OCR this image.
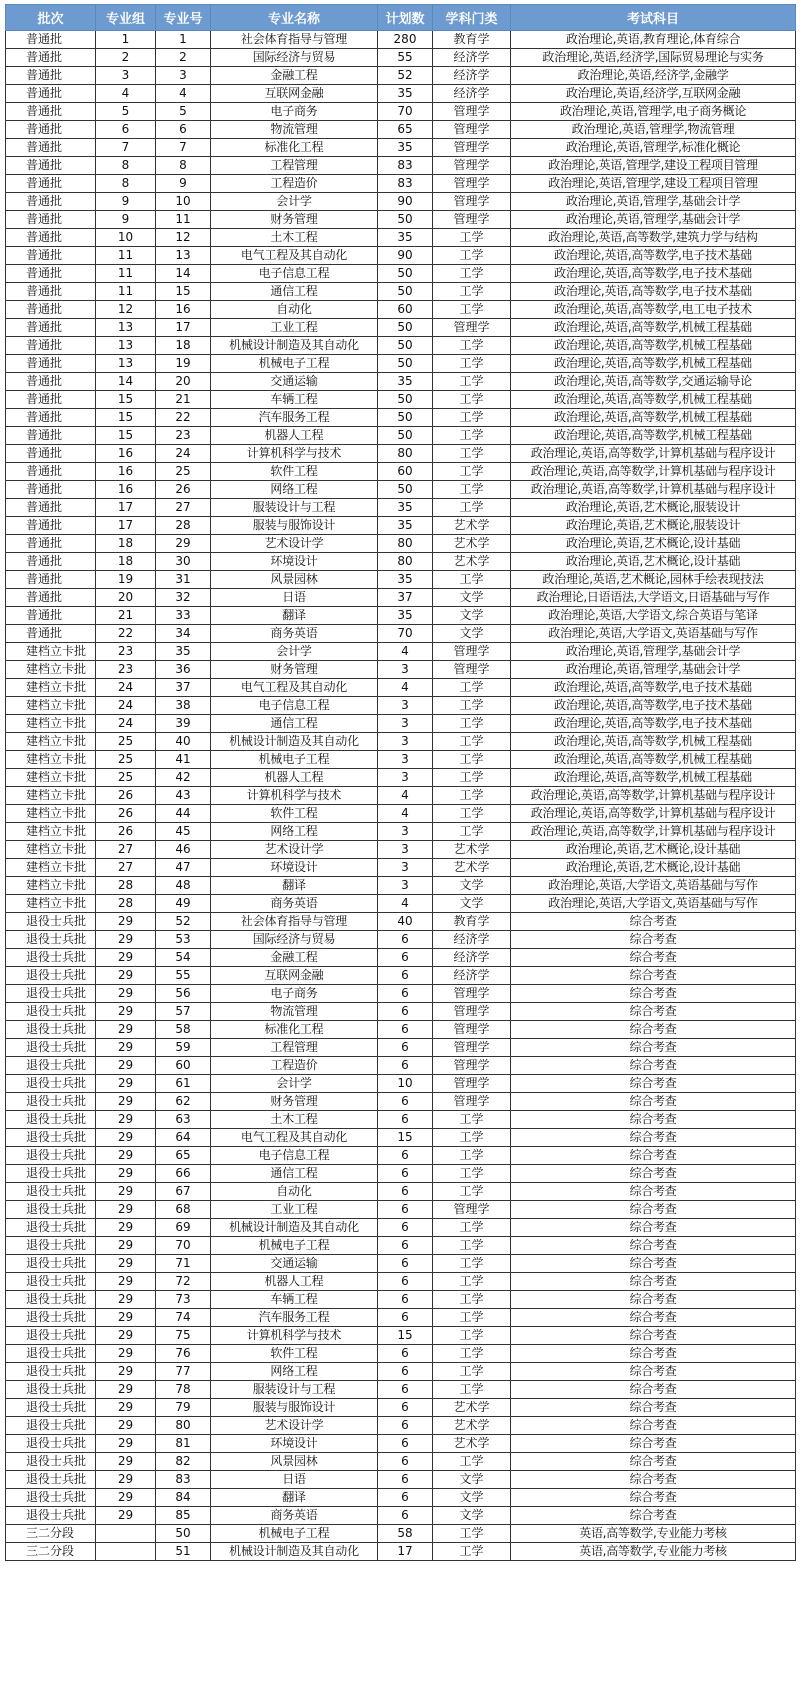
批次	专业组	专业号	专业名称	计划数	学科门类	考试科目
普通批	1	1	社会体育指导与管理	280	教育学	政治理论,英语,教育理论,体育综合
普通批	2	2	国际经济与贸易	55	经济学	政治理论,英语,经济学,国际贸易理论与实务
普通批	3	3	金融工程	52	经济学	政治理论,英语,经济学,金融学
普通批	4	4	互联网金融	35	经济学	政治理论,英语,经济学,互联网金融
普通批	5	5	电子商务	70	管理学	政治理论,英语,管理学,电子商务概论
普通批	6	6	物流管理	65	管理学	政治理论,英语,管理学,物流管理
普通批	7	7	标准化工程	35	管理学	政治理论,英语,管理学,标准化概论
普通批	8	8	工程管理	83	管理学	政治理论,英语,管理学,建设工程项目管理
普通批	8	9	工程造价	83	管理学	政治理论,英语,管理学,建设工程项目管理
普通批	9	10	会计学	90	管理学	政治理论,英语,管理学,基础会计学
普通批	9	11	财务管理	50	管理学	政治理论,英语,管理学,基础会计学
普通批	10	12	土木工程	35	工学	政治理论,英语,高等数学,建筑力学与结构
普通批	11	13	电气工程及其自动化	90	工学	政治理论,英语,高等数学,电子技术基础
普通批	11	14	电子信息工程	50	工学	政治理论,英语,高等数学,电子技术基础
普通批	11	15	通信工程	50	工学	政治理论,英语,高等数学,电子技术基础
普通批	12	16	自动化	60	工学	政治理论,英语,高等数学,电工电子技术
普通批	13	17	工业工程	50	管理学	政治理论,英语,高等数学,机械工程基础
普通批	13	18	机械设计制造及其自动化	50	工学	政治理论,英语,高等数学,机械工程基础
普通批	13	19	机械电子工程	50	工学	政治理论,英语,高等数学,机械工程基础
普通批	14	20	交通运输	35	工学	政治理论,英语,高等数学,交通运输导论
普通批	15	21	车辆工程	50	工学	政治理论,英语,高等数学,机械工程基础
普通批	15	22	汽车服务工程	50	工学	政治理论,英语,高等数学,机械工程基础
普通批	15	23	机器人工程	50	工学	政治理论,英语,高等数学,机械工程基础
普通批	16	24	计算机科学与技术	80	工学	政治理论,英语,高等数学,计算机基础与程序设计
普通批	16	25	软件工程	60	工学	政治理论,英语,高等数学,计算机基础与程序设计
普通批	16	26	网络工程	50	工学	政治理论,英语,高等数学,计算机基础与程序设计
普通批	17	27	服装设计与工程	35	工学	政治理论,英语,艺术概论,服装设计
普通批	17	28	服装与服饰设计	35	艺术学	政治理论,英语,艺术概论,服装设计
普通批	18	29	艺术设计学	80	艺术学	政治理论,英语,艺术概论,设计基础
普通批	18	30	环境设计	80	艺术学	政治理论,英语,艺术概论,设计基础
普通批	19	31	风景园林	35	工学	政治理论,英语,艺术概论,园林手绘表现技法
普通批	20	32	日语	37	文学	政治理论,日语语法,大学语文,日语基础与写作
普通批	21	33	翻译	35	文学	政治理论,英语,大学语文,综合英语与笔译
普通批	22	34	商务英语	70	文学	政治理论,英语,大学语文,英语基础与写作
建档立卡批	23	35	会计学	4	管理学	政治理论,英语,管理学,基础会计学
建档立卡批	23	36	财务管理	3	管理学	政治理论,英语,管理学,基础会计学
建档立卡批	24	37	电气工程及其自动化	4	工学	政治理论,英语,高等数学,电子技术基础
建档立卡批	24	38	电子信息工程	3	工学	政治理论,英语,高等数学,电子技术基础
建档立卡批	24	39	通信工程	3	工学	政治理论,英语,高等数学,电子技术基础
建档立卡批	25	40	机械设计制造及其自动化	3	工学	政治理论,英语,高等数学,机械工程基础
建档立卡批	25	41	机械电子工程	3	工学	政治理论,英语,高等数学,机械工程基础
建档立卡批	25	42	机器人工程	3	工学	政治理论,英语,高等数学,机械工程基础
建档立卡批	26	43	计算机科学与技术	4	工学	政治理论,英语,高等数学,计算机基础与程序设计
建档立卡批	26	44	软件工程	4	工学	政治理论,英语,高等数学,计算机基础与程序设计
建档立卡批	26	45	网络工程	3	工学	政治理论,英语,高等数学,计算机基础与程序设计
建档立卡批	27	46	艺术设计学	3	艺术学	政治理论,英语,艺术概论,设计基础
建档立卡批	27	47	环境设计	3	艺术学	政治理论,英语,艺术概论,设计基础
建档立卡批	28	48	翻译	3	文学	政治理论,英语,大学语文,英语基础与写作
建档立卡批	28	49	商务英语	4	文学	政治理论,英语,大学语文,英语基础与写作
退役士兵批	29	52	社会体育指导与管理	40	教育学	综合考查
退役士兵批	29	53	国际经济与贸易	6	经济学	综合考查
退役士兵批	29	54	金融工程	6	经济学	综合考查
退役士兵批	29	55	互联网金融	6	经济学	综合考查
退役士兵批	29	56	电子商务	6	管理学	综合考查
退役士兵批	29	57	物流管理	6	管理学	综合考查
退役士兵批	29	58	标准化工程	6	管理学	综合考查
退役士兵批	29	59	工程管理	6	管理学	综合考查
退役士兵批	29	60	工程造价	6	管理学	综合考查
退役士兵批	29	61	会计学	10	管理学	综合考查
退役士兵批	29	62	财务管理	6	管理学	综合考查
退役士兵批	29	63	土木工程	6	工学	综合考查
退役士兵批	29	64	电气工程及其自动化	15	工学	综合考查
退役士兵批	29	65	电子信息工程	6	工学	综合考查
退役士兵批	29	66	通信工程	6	工学	综合考查
退役士兵批	29	67	自动化	6	工学	综合考查
退役士兵批	29	68	工业工程	6	管理学	综合考查
退役士兵批	29	69	机械设计制造及其自动化	6	工学	综合考查
退役士兵批	29	70	机械电子工程	6	工学	综合考查
退役士兵批	29	71	交通运输	6	工学	综合考查
退役士兵批	29	72	机器人工程	6	工学	综合考查
退役士兵批	29	73	车辆工程	6	工学	综合考查
退役士兵批	29	74	汽车服务工程	6	工学	综合考查
退役士兵批	29	75	计算机科学与技术	15	工学	综合考查
退役士兵批	29	76	软件工程	6	工学	综合考查
退役士兵批	29	77	网络工程	6	工学	综合考查
退役士兵批	29	78	服装设计与工程	6	工学	综合考查
退役士兵批	29	79	服装与服饰设计	6	艺术学	综合考查
退役士兵批	29	80	艺术设计学	6	艺术学	综合考查
退役士兵批	29	81	环境设计	6	艺术学	综合考查
退役士兵批	29	82	风景园林	6	工学	综合考查
退役士兵批	29	83	日语	6	文学	综合考查
退役士兵批	29	84	翻译	6	文学	综合考查
退役士兵批	29	85	商务英语	6	文学	综合考查
三二分段		50	机械电子工程	58	工学	英语,高等数学,专业能力考核
三二分段		51	机械设计制造及其自动化	17	工学	英语,高等数学,专业能力考核
